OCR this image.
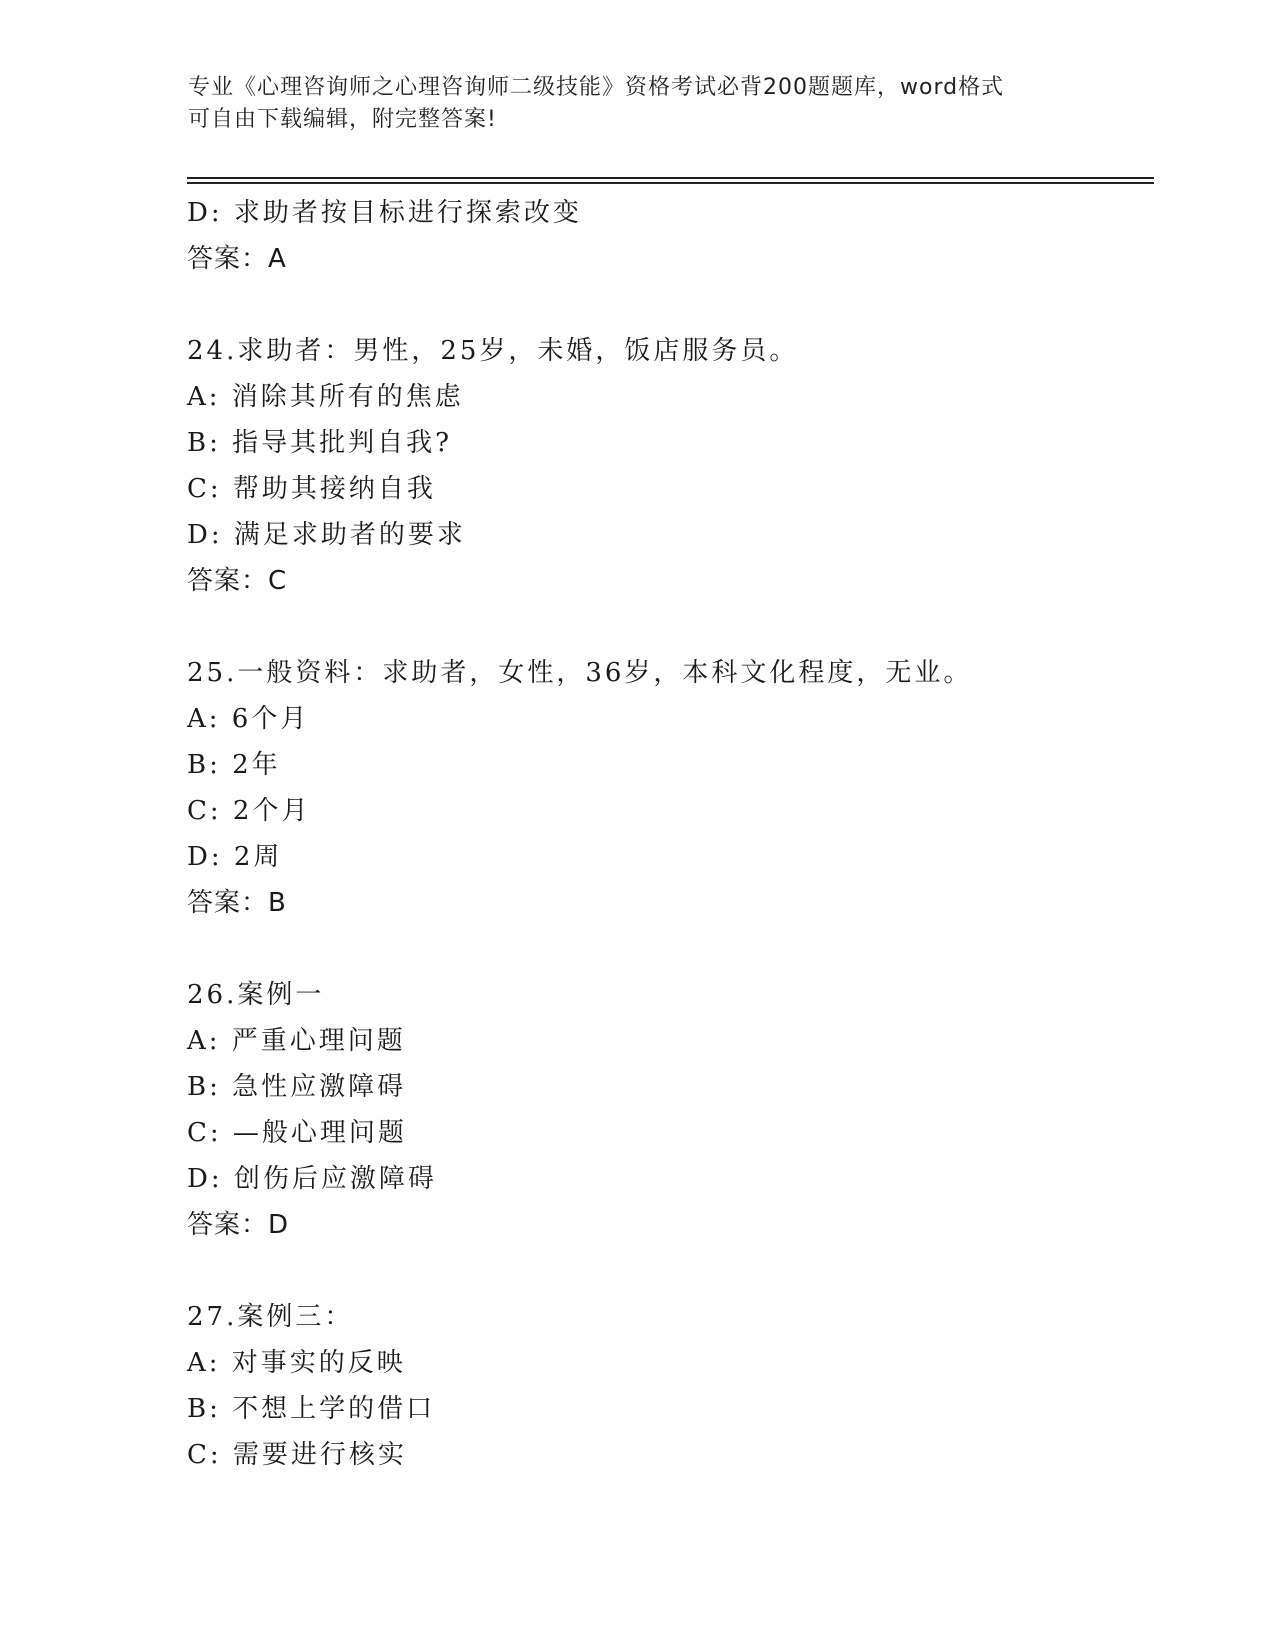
专业《心理咨询师之心理咨询师二级技能》资格考试必背200题题库，word格式
可自由下载编辑，附完整答案!
D: 求助者按目标进行探索改变
答案：A
24.求助者：男性，25岁，未婚，饭店服务员。
A: 消除其所有的焦虑
B: 指导其批判自我?
C: 帮助其接纳自我
D: 满足求助者的要求
答案：C
25.一般资料：求助者，女性，36岁，本科文化程度，无业。
A: 6个月
B: 2年
C: 2个月
D: 2周
答案：B
26.案例一
A: 严重心理问题
B: 急性应激障碍
C: —般心理问题
D: 创伤后应激障碍
答案：D
27.案例三：
A: 对事实的反映
B: 不想上学的借口
C: 需要进行核实
